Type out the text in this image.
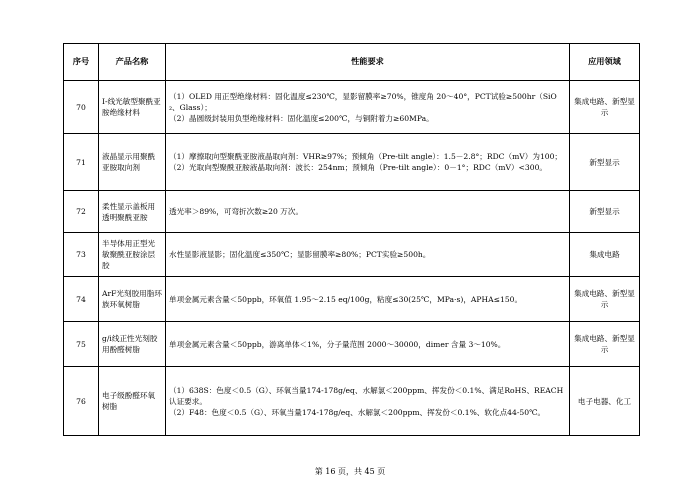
序号	产品名称	性能要求	应用领域
70	I-线光敏型聚酰亚胺绝缘材料	（1）OLED 用正型绝缘材料：固化温度≤230℃，显影留膜率≥70%，锥度角 20～40°，PCT试验≥500hr（SiO₂、Glass）；
（2）晶圆级封装用负型绝缘材料：固化温度≤200℃，与铜附着力≥60MPa。	集成电路、新型显示
71	液晶显示用聚酰亚胺取向剂	（1）摩擦取向型聚酰亚胺液晶取向剂：VHR≥97%；预倾角（Pre-tilt angle）：1.5－2.8°；RDC（mV）为100；
（2）光取向型聚酰亚胺液晶取向剂：波长：254nm；预倾角（Pre-tilt angle）：0－1°；RDC（mV）<300。	新型显示
72	柔性显示盖板用透明聚酰亚胺	透光率＞89%，可弯折次数≥20 万次。	新型显示
73	半导体用正型光敏聚酰亚胺涂层胶	水性显影液显影；固化温度≤350℃；显影留膜率≥80%；PCT实验≥500h。	集成电路
74	ArF光刻胶用脂环族环氧树脂	单项金属元素含量＜50ppb，环氧值 1.95～2.15 eq/100g，粘度≤30(25℃，MPa·s)，APHA≤150。	集成电路、新型显示
75	g/i线正性光刻胶用酚醛树脂	单项金属元素含量＜50ppb，游离单体＜1%，分子量范围 2000～30000，dimer 含量 3～10%。	集成电路、新型显示
76	电子级酚醛环氧树脂	（1）638S：色度＜0.5（G）、环氧当量174-178g/eq、水解氯＜200ppm、挥发份＜0.1%、满足RoHS、REACH认证要求。
（2）F48：色度＜0.5（G）、环氧当量174-178g/eq、水解氯＜200ppm、挥发份＜0.1%、软化点44-50℃。	电子电器、化工
第 16 页，共 45 页
